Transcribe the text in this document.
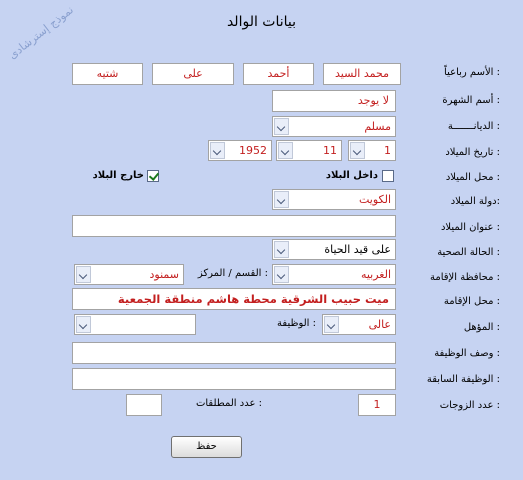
بيانات الوالد
نموذج إسترشادى
الأسم رباعياً :
محمد السيد
أحمد
على
شتيه
أسم الشهرة :
لا يوجد
الديانـــــــة :
مسلم
تاريخ الميلاد :
1
11
1952
محل الميلاد :
داخل البلاد
خارج البلاد
دولة الميلاد:
الكويت
عنوان الميلاد :
الحالة الصحية :
على قيد الحياة
محافظة الإقامة :
الغربيه
القسم / المركز :
سمنود
محل الإقامة :
ميت حبيب الشرقية محطة هاشم منطقة الجمعية
المؤهل :
عالى
الوظيفة :
وصف الوظيفة :
الوظيفة السابقة :
عدد الزوجات :
1
عدد المطلقات :
حفظ
